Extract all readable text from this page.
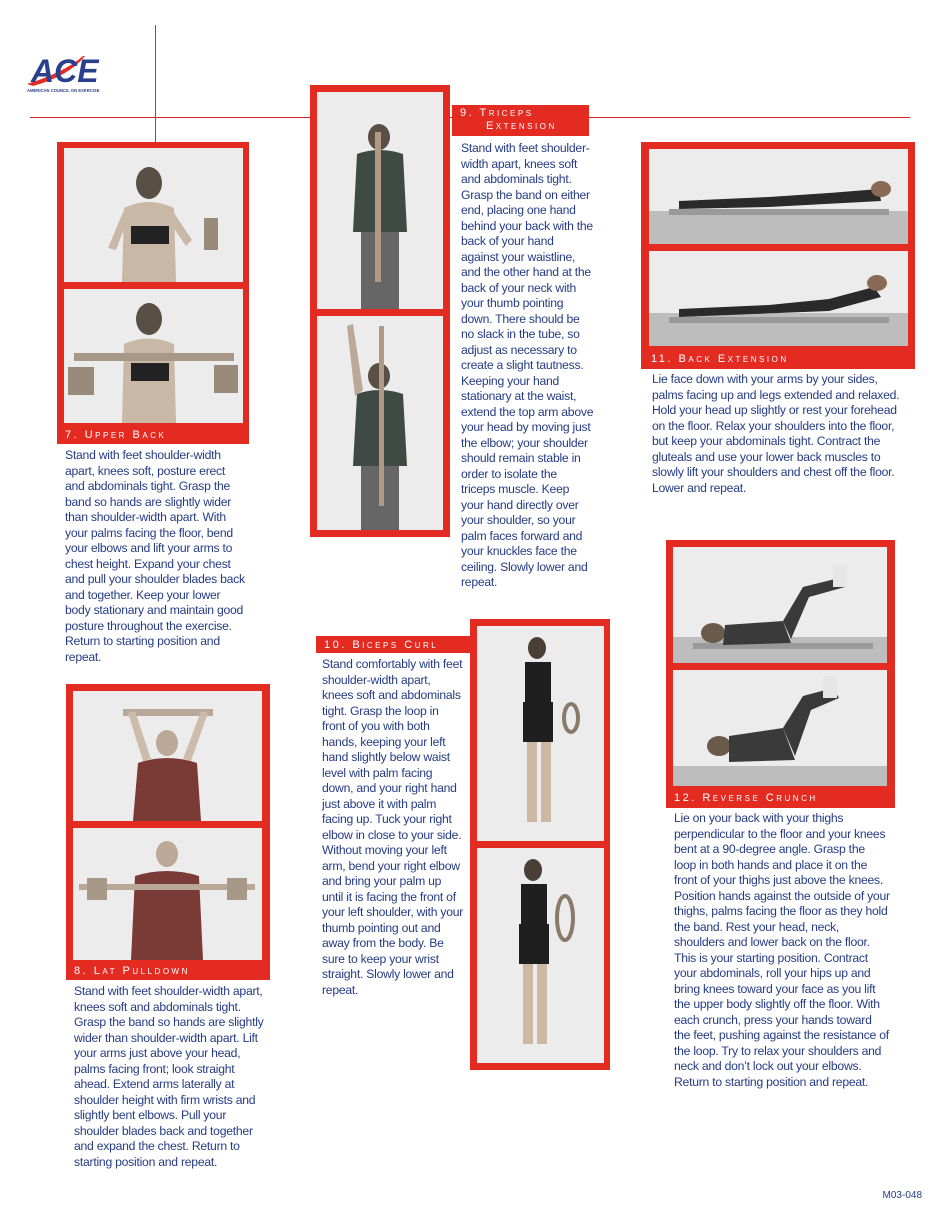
ACE
AMERICAN COUNCIL ON EXERCISE
7. Upper Back
Stand with feet shoulder-width apart, knees soft, posture erect and abdominals tight. Grasp the band so hands are slightly wider than shoulder-width apart. With your palms facing the floor, bend your elbows and lift your arms to chest height. Expand your chest and pull your shoulder blades back and together. Keep your lower body stationary and maintain good posture throughout the exercise. Return to starting position and repeat.
8. Lat Pulldown
Stand with feet shoulder-width apart, knees soft and abdominals tight. Grasp the band so hands are slightly wider than shoulder-width apart. Lift your arms just above your head, palms facing front; look straight ahead. Extend arms laterally at shoulder height with firm wrists and slightly bent elbows. Pull your shoulder blades back and together and expand the chest. Return to starting position and repeat.
9. Triceps
Extension
Stand with feet shoulder-width apart, knees soft and abdominals tight. Grasp the band on either end, placing one hand behind your back with the back of your hand against your waistline, and the other hand at the back of your neck with your thumb pointing down. There should be no slack in the tube, so adjust as necessary to create a slight tautness. Keeping your hand stationary at the waist, extend the top arm above your head by moving just the elbow; your shoulder should remain stable in order to isolate the triceps muscle. Keep your hand directly over your shoulder, so your palm faces forward and your knuckles face the ceiling. Slowly lower and repeat.
10. Biceps Curl
Stand comfortably with feet shoulder-width apart, knees soft and abdominals tight. Grasp the loop in front of you with both hands, keeping your left hand slightly below waist level with palm facing down, and your right hand just above it with palm facing up. Tuck your right elbow in close to your side. Without moving your left arm, bend your right elbow and bring your palm up until it is facing the front of your left shoulder, with your thumb pointing out and away from the body. Be sure to keep your wrist straight. Slowly lower and repeat.
11. Back Extension
Lie face down with your arms by your sides, palms facing up and legs extended and relaxed. Hold your head up slightly or rest your forehead on the floor. Relax your shoulders into the floor, but keep your abdominals tight. Contract the gluteals and use your lower back muscles to slowly lift your shoulders and chest off the floor. Lower and repeat.
12. Reverse Crunch
Lie on your back with your thighs perpendicular to the floor and your knees bent at a 90-degree angle. Grasp the loop in both hands and place it on the front of your thighs just above the knees. Position hands against the outside of your thighs, palms facing the floor as they hold the band. Rest your head, neck, shoulders and lower back on the floor. This is your starting position. Contract your abdominals, roll your hips up and bring knees toward your face as you lift the upper body slightly off the floor. With each crunch, press your hands toward the feet, pushing against the resistance of the loop. Try to relax your shoulders and neck and don’t lock out your elbows. Return to starting position and repeat.
M03-048
